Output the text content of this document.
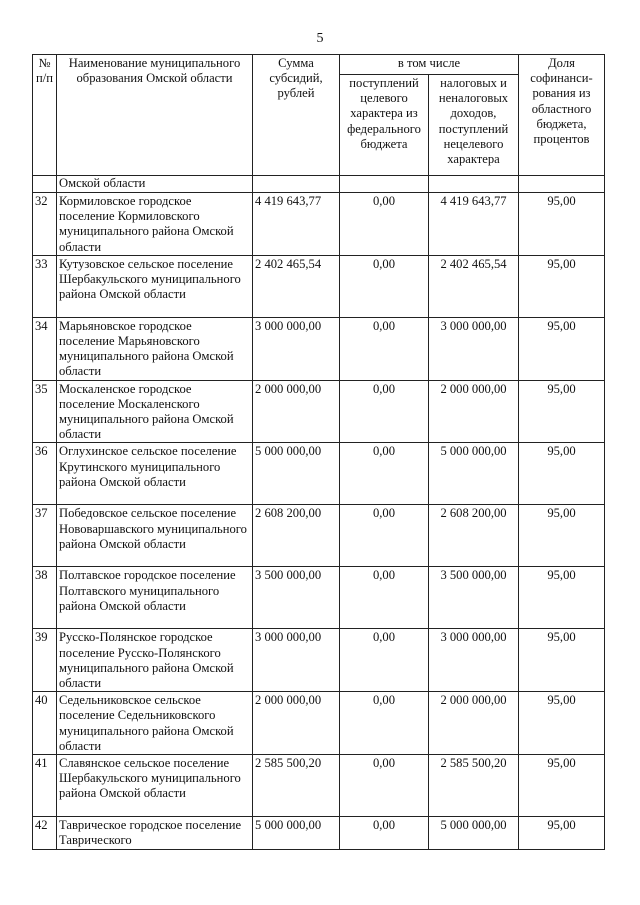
5
№ п/п	Наименование муниципального образования Омской области	Сумма субсидий, рублей	в том числе		Доля софинанси-рования из областного бюджета, процентов
			поступлений целевого характера из федерального бюджета	налоговых и неналоговых доходов, поступлений нецелевого характера	
	Омской области				
32	Кормиловское городское поселение Кормиловского муниципального района Омской области	4 419 643,77	0,00	4 419 643,77	95,00
33	Кутузовское сельское поселение Шербакульского муниципального района Омской области	2 402 465,54	0,00	2 402 465,54	95,00
34	Марьяновское городское поселение Марьяновского муниципального района Омской области	3 000 000,00	0,00	3 000 000,00	95,00
35	Москаленское городское поселение Москаленского муниципального района Омской области	2 000 000,00	0,00	2 000 000,00	95,00
36	Оглухинское сельское поселение Крутинского муниципального района Омской области	5 000 000,00	0,00	5 000 000,00	95,00
37	Победовское сельское поселение Нововаршавского муниципального района Омской области	2 608 200,00	0,00	2 608 200,00	95,00
38	Полтавское городское поселение Полтавского муниципального района Омской области	3 500 000,00	0,00	3 500 000,00	95,00
39	Русско-Полянское городское поселение Русско-Полянского муниципального района Омской области	3 000 000,00	0,00	3 000 000,00	95,00
40	Седельниковское сельское поселение Седельниковского муниципального района Омской области	2 000 000,00	0,00	2 000 000,00	95,00
41	Славянское сельское поселение Шербакульского муниципального района Омской области	2 585 500,20	0,00	2 585 500,20	95,00
42	Таврическое городское поселение Таврического	5 000 000,00	0,00	5 000 000,00	95,00
